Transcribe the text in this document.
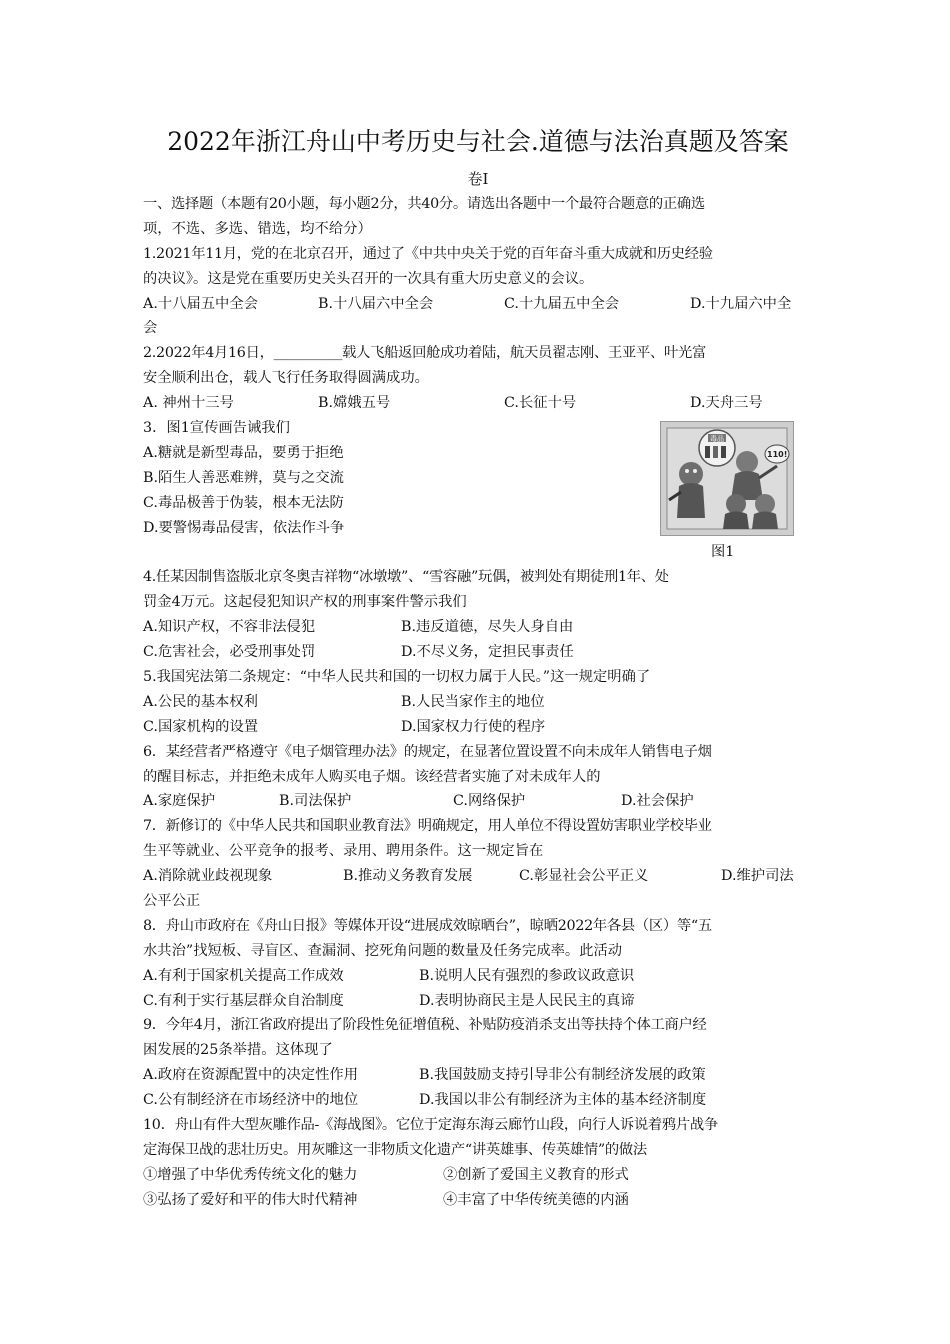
2022年浙江舟山中考历史与社会.道德与法治真题及答案
卷Ⅰ
一、选择题（本题有20小题，每小题2分，共40分。请选出各题中一个最符合题意的正确选
项，不选、多选、错选，均不给分）
1.2021年11月，党的在北京召开，通过了《中共中央关于党的百年奋斗重大成就和历史经验
的决议》。这是党在重要历史关头召开的一次具有重大历史意义的会议。
A.十八届五中全会	B.十八届六中全会	C.十九届五中全会	D.十九届六中全
会
2.2022年4月16日，__________载人飞船返回舱成功着陆，航天员翟志刚、王亚平、叶光富
安全顺利出仓，载人飞行任务取得圆满成功。
A. 神州十三号	B.嫦娥五号	C.长征十号	D.天舟三号
3．图1宣传画告诫我们
A.糖就是新型毒品，要勇于拒绝
B.陌生人善恶难辨，莫与之交流
C.毒品极善于伪装，根本无法防
D.要警惕毒品侵害，依法作斗争
毒品
110!
图1
4.任某因制售盗版北京冬奥吉祥物“冰墩墩”、“雪容融”玩偶，被判处有期徒刑1年、处
罚金4万元。这起侵犯知识产权的刑事案件警示我们
A.知识产权，不容非法侵犯	B.违反道德，尽失人身自由
C.危害社会，必受刑事处罚	D.不尽义务，定担民事责任
5.我国宪法第二条规定：“中华人民共和国的一切权力属于人民。”这一规定明确了
A.公民的基本权利	B.人民当家作主的地位
C.国家机构的设置	D.国家权力行使的程序
6．某经营者严格遵守《电子烟管理办法》的规定，在显著位置设置不向未成年人销售电子烟
的醒目标志，并拒绝未成年人购买电子烟。该经营者实施了对未成年人的
A.家庭保护	B.司法保护	C.网络保护	D.社会保护
7．新修订的《中华人民共和国职业教育法》明确规定，用人单位不得设置妨害职业学校毕业
生平等就业、公平竞争的报考、录用、聘用条件。这一规定旨在
A.消除就业歧视现象	B.推动义务教育发展	C.彰显社会公平正义	D.维护司法
公平公正
8．舟山市政府在《舟山日报》等媒体开设“进展成效晾晒台”，晾晒2022年各县（区）等“五
水共治”找短板、寻盲区、查漏洞、挖死角问题的数量及任务完成率。此活动
A.有利于国家机关提高工作成效	B.说明人民有强烈的参政议政意识
C.有利于实行基层群众自治制度	D.表明协商民主是人民民主的真谛
9．今年4月，浙江省政府提出了阶段性免征增值税、补贴防疫消杀支出等扶持个体工商户经
困发展的25条举措。这体现了
A.政府在资源配置中的决定性作用	B.我国鼓励支持引导非公有制经济发展的政策
C.公有制经济在市场经济中的地位	D.我国以非公有制经济为主体的基本经济制度
10．舟山有件大型灰雕作品-《海战图》。它位于定海东海云廊竹山段，向行人诉说着鸦片战争
定海保卫战的悲壮历史。用灰雕这一非物质文化遗产“讲英雄事、传英雄情”的做法
①增强了中华优秀传统文化的魅力	②创新了爱国主义教育的形式
③弘扬了爱好和平的伟大时代精神	④丰富了中华传统美德的内涵
